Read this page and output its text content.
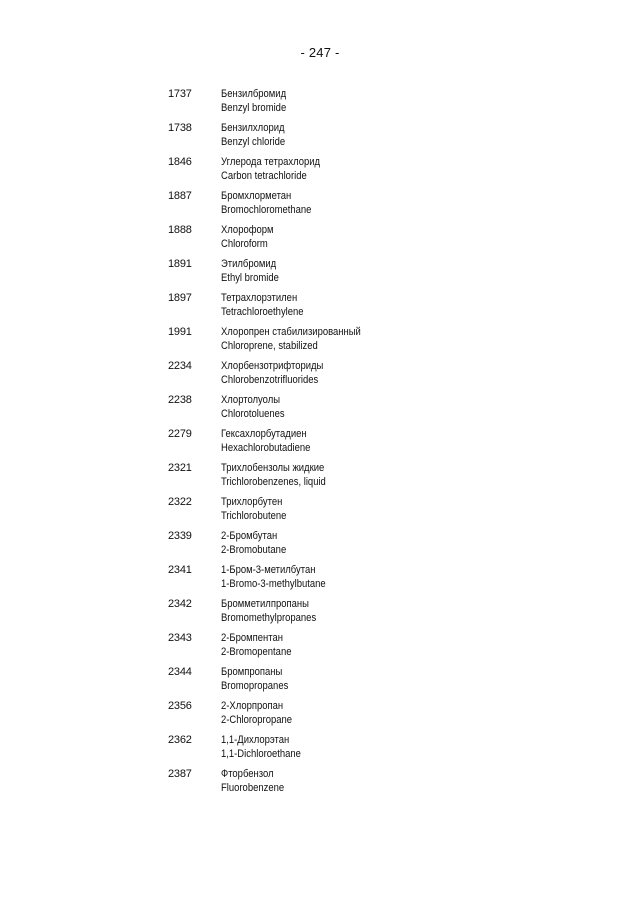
- 247 -
1737	Бензилбромид
Benzyl bromide
1738	Бензилхлорид
Benzyl chloride
1846	Углерода тетрахлорид
Carbon tetrachloride
1887	Бромхлорметан
Bromochloromethane
1888	Хлороформ
Chloroform
1891	Этилбромид
Ethyl bromide
1897	Тетрахлорэтилен
Tetrachloroethylene
1991	Хлоропрен стабилизированный
Chloroprene, stabilized
2234	Хлорбензотрифториды
Chlorobenzotrifluorides
2238	Хлортолуолы
Chlorotoluenes
2279	Гексахлорбутадиен
Hexachlorobutadiene
2321	Трихлобензолы жидкие
Trichlorobenzenes, liquid
2322	Трихлорбутен
Trichlorobutene
2339	2-Бромбутан
2-Bromobutane
2341	1-Бром-3-метилбутан
1-Bromo-3-methylbutane
2342	Бромметилпропаны
Bromomethylpropanes
2343	2-Бромпентан
2-Bromopentane
2344	Бромпропаны
Bromopropanes
2356	2-Хлорпропан
2-Chloropropane
2362	1,1-Дихлорэтан
1,1-Dichloroethane
2387	Фторбензол
Fluorobenzene
